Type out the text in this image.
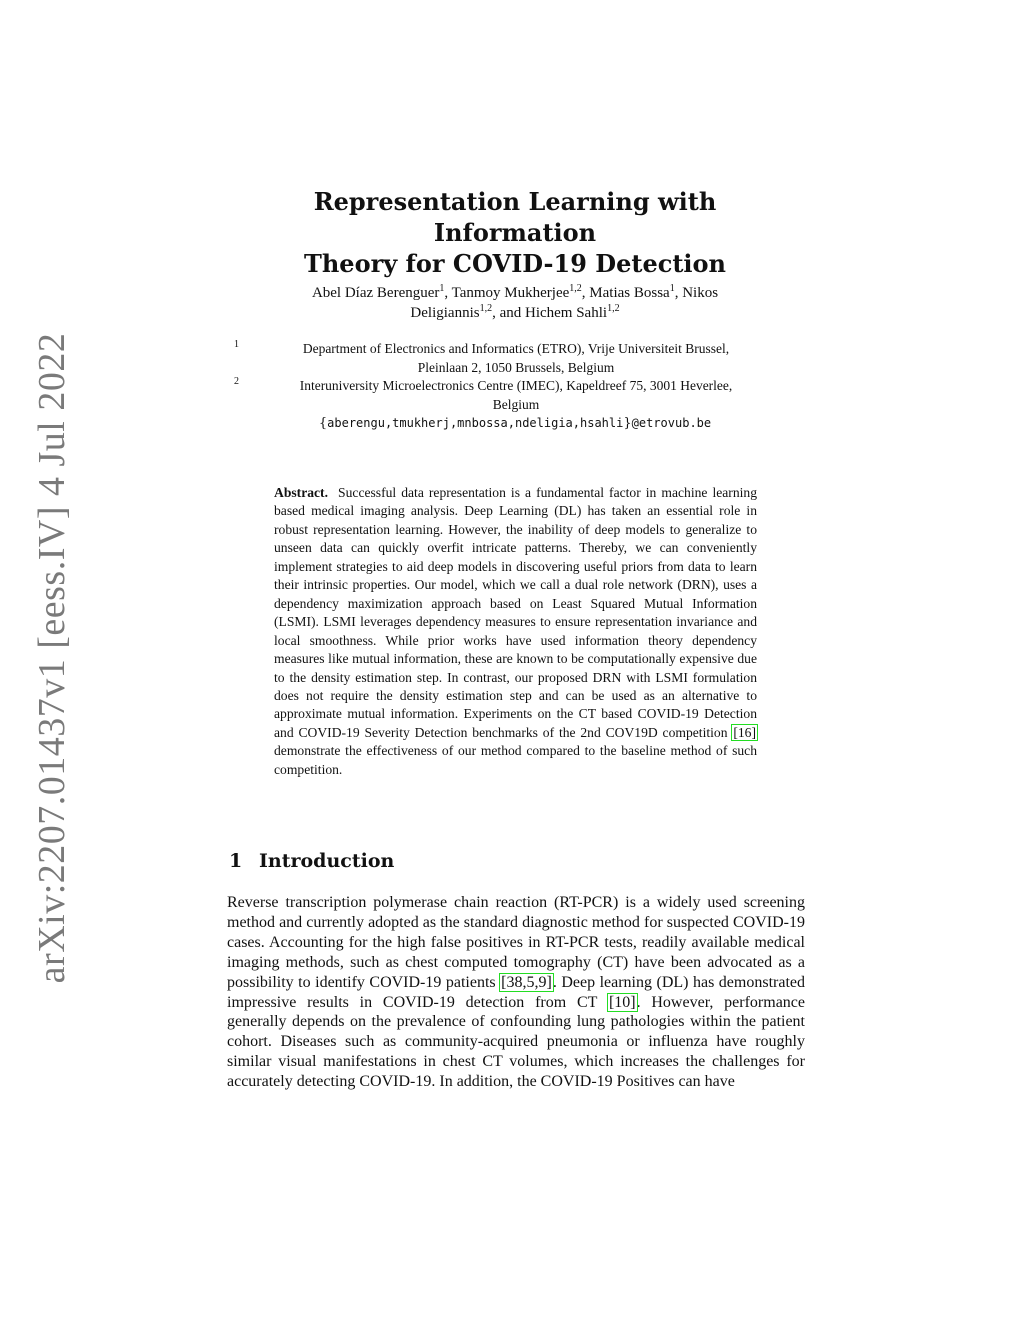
arXiv:2207.01437v1 [eess.IV] 4 Jul 2022
Representation Learning with Information
Theory for COVID-19 Detection
Abel Díaz Berenguer$^1$, Tanmoy Mukherjee$^{1,2}$, Matias Bossa$^1$, Nikos
Deligiannis$^{1,2}$, and Hichem Sahli$^{1,2}$
1	Department of Electronics and Informatics (ETRO), Vrije Universiteit Brussel,
Pleinlaan 2, 1050 Brussels, Belgium
2	Interuniversity Microelectronics Centre (IMEC), Kapeldreef 75, 3001 Heverlee,
Belgium
{aberengu,tmukherj,mnbossa,ndeligia,hsahli}@etrovub.be
Abstract. Successful data representation is a fundamental factor in machine learning based medical imaging analysis. Deep Learning (DL) has taken an essential role in robust representation learning. However, the inability of deep models to generalize to unseen data can quickly overfit intricate patterns. Thereby, we can conveniently implement strategies to aid deep models in discovering useful priors from data to learn their intrinsic properties. Our model, which we call a dual role network (DRN), uses a dependency maximization approach based on Least Squared Mutual Information (LSMI). LSMI leverages dependency measures to ensure representation invariance and local smoothness. While prior works have used information theory dependency measures like mutual information, these are known to be computationally expensive due to the density estimation step. In contrast, our proposed DRN with LSMI formulation does not require the density estimation step and can be used as an alternative to approximate mutual information. Experiments on the CT based COVID-19 Detection and COVID-19 Severity Detection benchmarks of the 2nd COV19D competition [16] demonstrate the effectiveness of our method compared to the baseline method of such competition.
1 Introduction
Reverse transcription polymerase chain reaction (RT-PCR) is a widely used screening method and currently adopted as the standard diagnostic method for suspected COVID-19 cases. Accounting for the high false positives in RT-PCR tests, readily available medical imaging methods, such as chest computed tomography (CT) have been advocated as a possibility to identify COVID-19 patients [38,5,9]. Deep learning (DL) has demonstrated impressive results in COVID-19 detection from CT [10]. However, performance generally depends on the prevalence of confounding lung pathologies within the patient cohort. Diseases such as community-acquired pneumonia or influenza have roughly similar visual manifestations in chest CT volumes, which increases the challenges for accurately detecting COVID-19. In addition, the COVID-19 Positives can have
